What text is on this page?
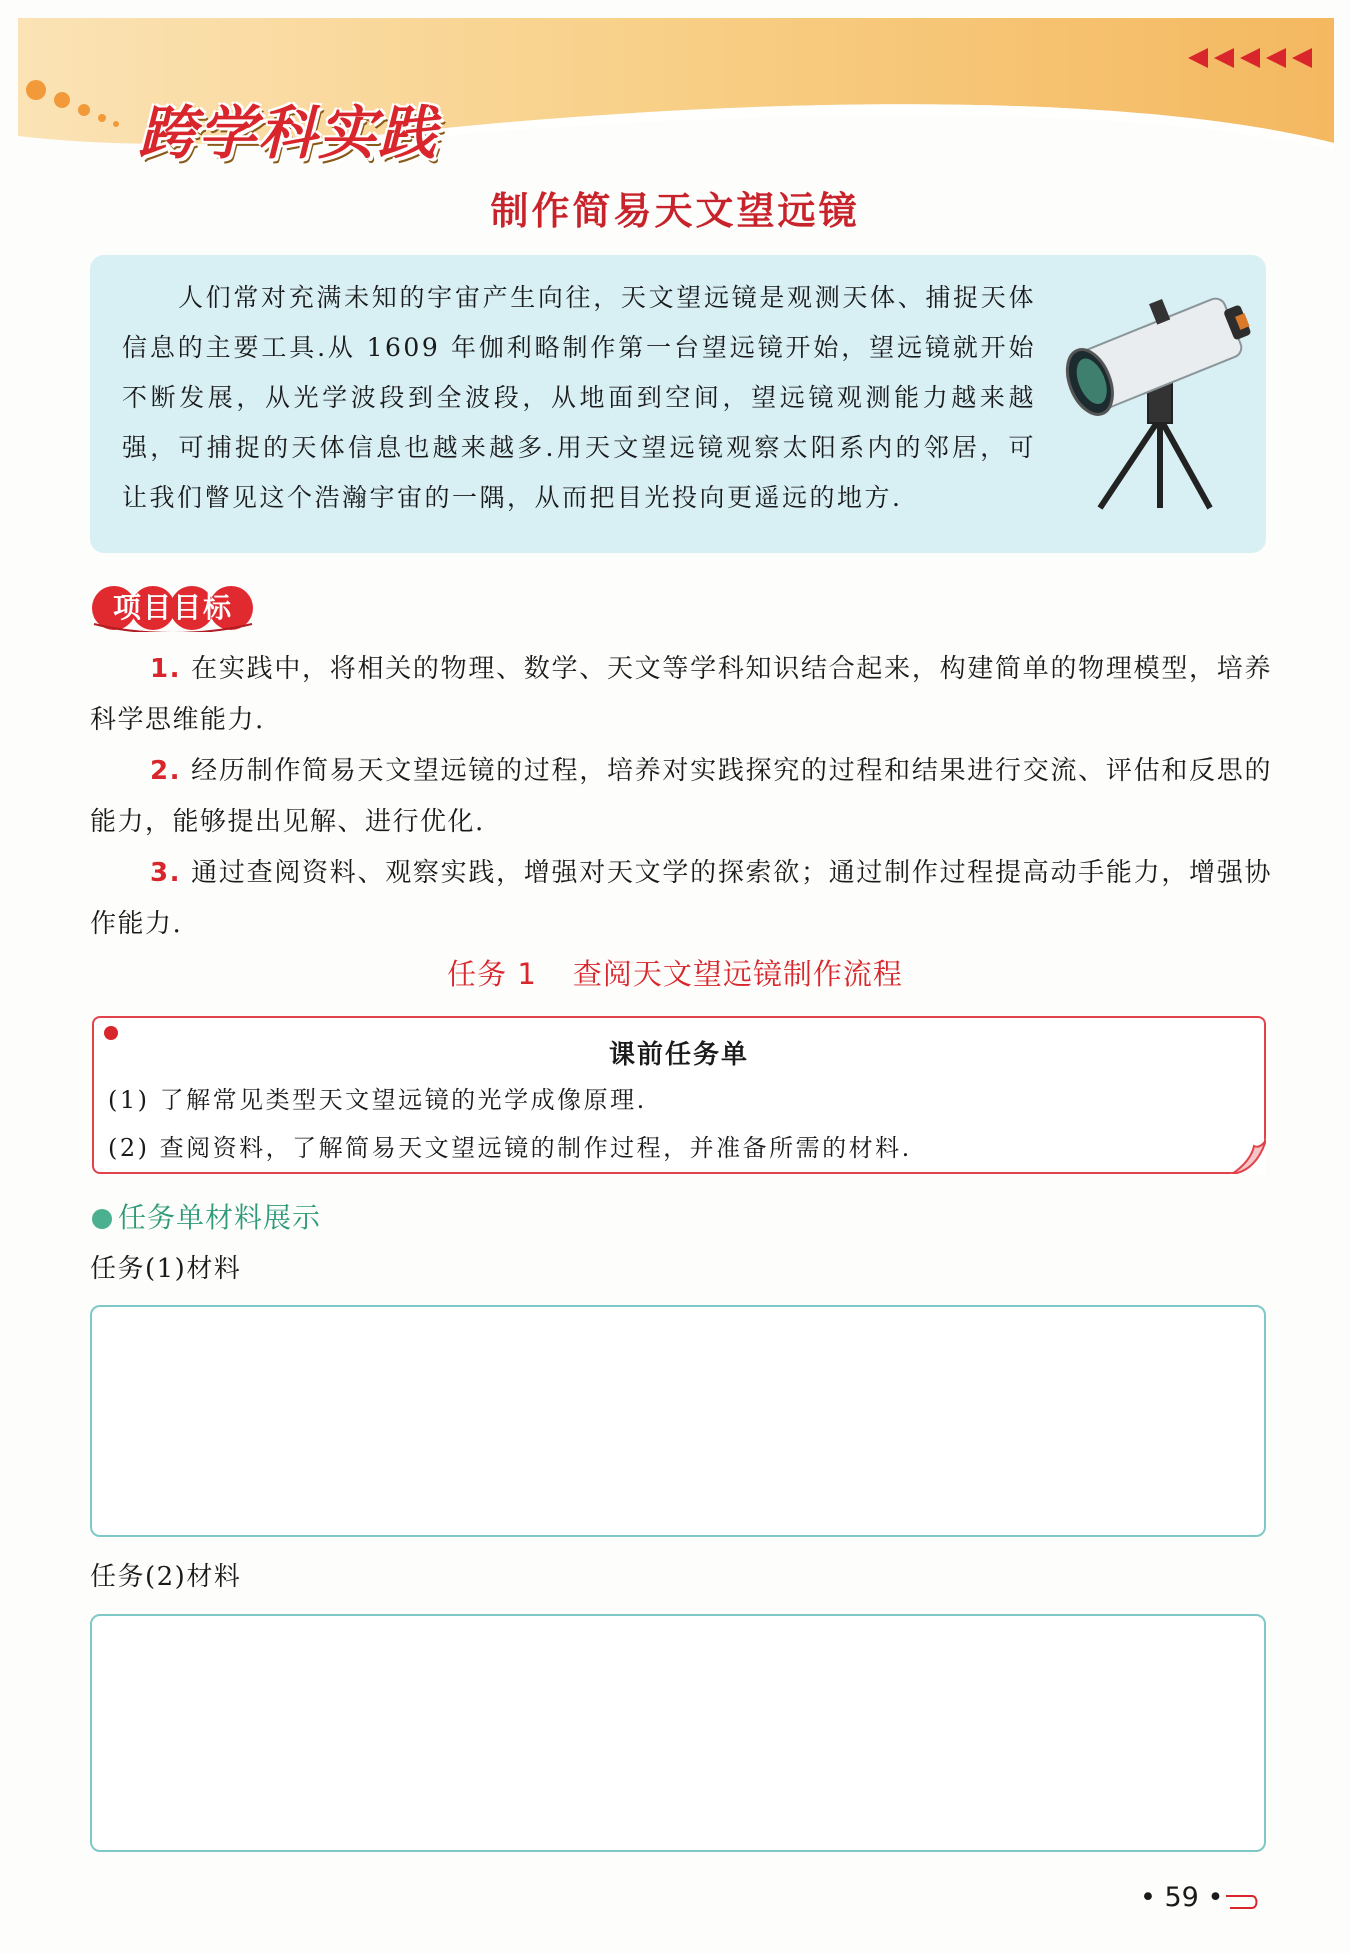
跨学科实践
制作简易天文望远镜

人们常对充满未知的宇宙产生向往，天文望远镜是观测天体、捕捉天体信息的主要工具.从 1609 年伽利略制作第一台望远镜开始，望远镜就开始不断发展，从光学波段到全波段，从地面到空间，望远镜观测能力越来越强，可捕捉的天体信息也越来越多.用天文望远镜观察太阳系内的邻居，可让我们瞥见这个浩瀚宇宙的一隅，从而把目光投向更遥远的地方.

项目目标
1. 在实践中，将相关的物理、数学、天文等学科知识结合起来，构建简单的物理模型，培养科学思维能力.
2. 经历制作简易天文望远镜的过程，培养对实践探究的过程和结果进行交流、评估和反思的能力，能够提出见解、进行优化.
3. 通过查阅资料、观察实践，增强对天文学的探索欲；通过制作过程提高动手能力，增强协作能力.
任务 1 查阅天文望远镜制作流程
课前任务单
(1) 了解常见类型天文望远镜的光学成像原理.
(2) 查阅资料，了解简易天文望远镜的制作过程，并准备所需的材料.
任务单材料展示
任务(1)材料
任务(2)材料
• 59 •
